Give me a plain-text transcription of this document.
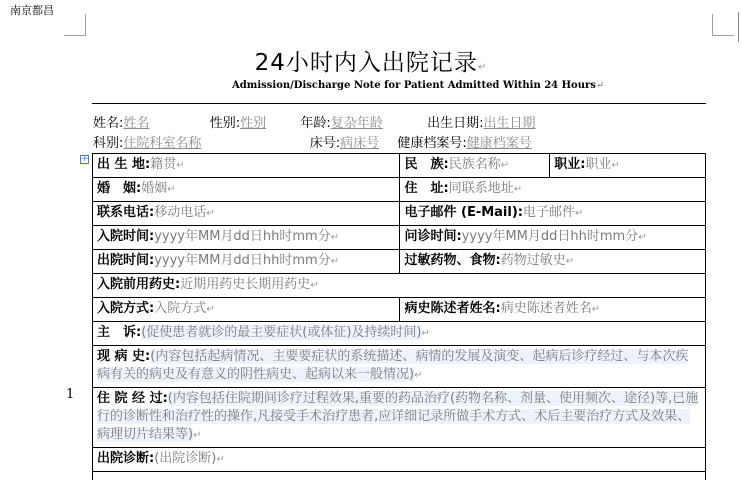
南京都昌
1
24小时内入出院记录↵
Admission/Discharge Note for Patient Admitted Within 24 Hours↵
姓名:姓名	性别:性别	年龄:复杂年龄	出生日期:出生日期
科别:住院科室名称	床号:病床号 健康档案号:健康档案号
+ 出 生 地:籍贯↵	民　族:民族名称↵	职业:职业↵
婚　姻:婚姻↵	住　址:同联系地址↵	
联系电话:移动电话↵	电子邮件 (E-Mail):电子邮件↵	
入院时间:yyyy年MM月dd日hh时mm分↵	问诊时间:yyyy年MM月dd日hh时mm分↵	
出院时间:yyyy年MM月dd日hh时mm分↵	过敏药物、食物:药物过敏史↵	
入院前用药史:近期用药史长期用药史↵		
入院方式:入院方式↵	病史陈述者姓名:病史陈述者姓名↵	
主　诉:(促使患者就诊的最主要症状(或体征)及持续时间)↵		
现 病 史:(内容包括起病情况、主要要症状的系统描述、病情的发展及演变、起病后诊疗经过、与本次疾病有关的病史及有意义的阴性病史、起病以来一般情况)↵		
住 院 经 过:(内容包括住院期间诊疗过程效果,重要的药品治疗(药物名称、剂量、使用频次、途径)等,已施行的诊断性和治疗性的操作,凡接受手术治疗患者,应详细记录所做手术方式、术后主要治疗方式及效果、病理切片结果等)↵		
出院诊断:(出院诊断)↵		
